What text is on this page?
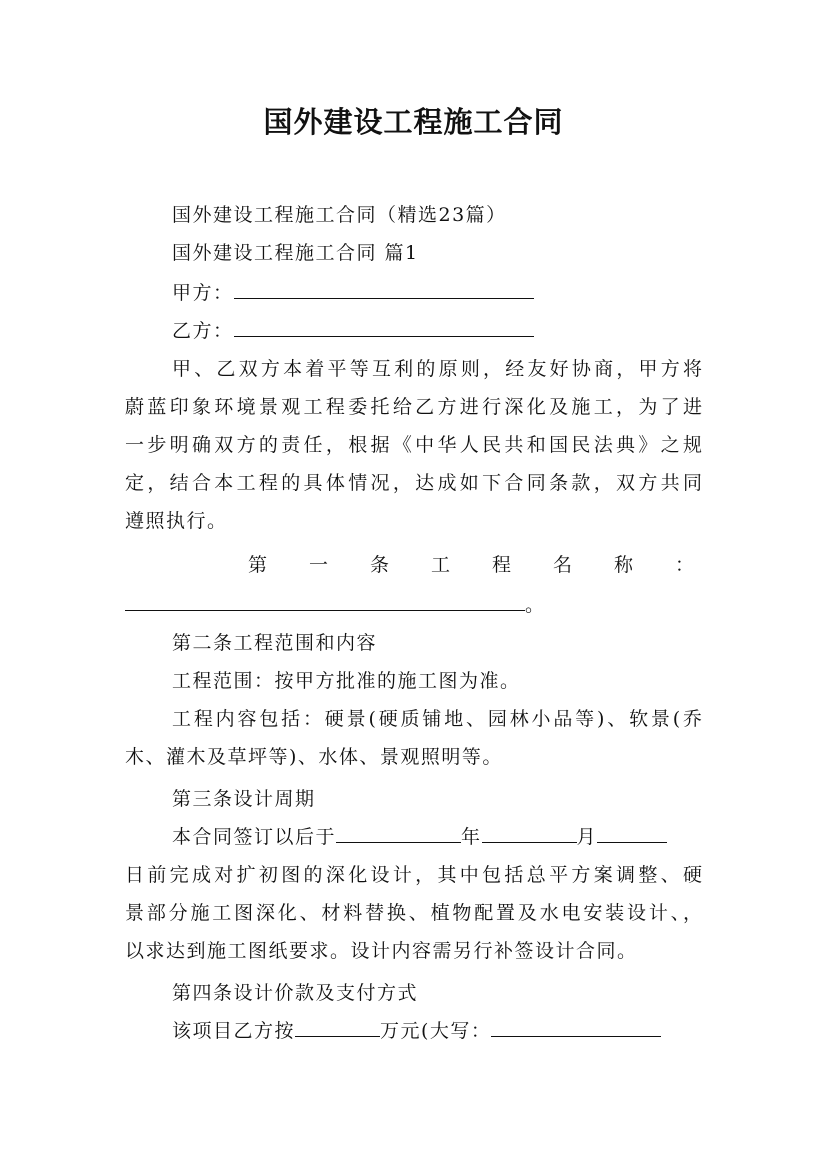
国外建设工程施工合同
国外建设工程施工合同（精选23篇）
国外建设工程施工合同 篇1
甲方：
乙方：
甲、乙双方本着平等互利的原则，经友好协商，甲方将
蔚蓝印象环境景观工程委托给乙方进行深化及施工，为了进
一步明确双方的责任，根据《中华人民共和国民法典》之规
定，结合本工程的具体情况，达成如下合同条款，双方共同
遵照执行。
第　一　条　工　程　名　称　：
。
第二条工程范围和内容
工程范围：按甲方批准的施工图为准。
工程内容包括：硬景(硬质铺地、园林小品等)、软景(乔
木、灌木及草坪等)、水体、景观照明等。
第三条设计周期
本合同签订以后于	年	月
日前完成对扩初图的深化设计，其中包括总平方案调整、硬
景部分施工图深化、材料替换、植物配置及水电安装设计、，
以求达到施工图纸要求。设计内容需另行补签设计合同。
第四条设计价款及支付方式
该项目乙方按	万元(大写：
